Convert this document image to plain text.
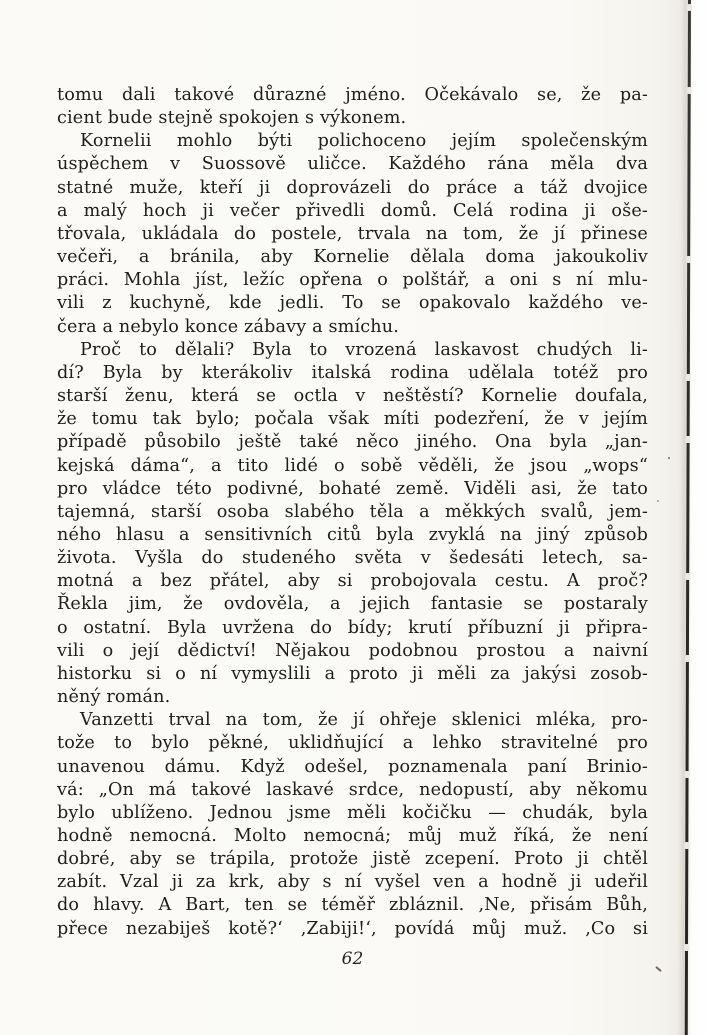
tomu dali takové důrazné jméno. Očekávalo se, že pa-
cient bude stejně spokojen s výkonem.
Kornelii mohlo býti polichoceno jejím společenským
úspěchem v Suossově uličce. Každého rána měla dva
statné muže, kteří ji doprovázeli do práce a táž dvojice
a malý hoch ji večer přivedli domů. Celá rodina ji oše-
třovala, ukládala do postele, trvala na tom, že jí přinese
večeři, a bránila, aby Kornelie dělala doma jakoukoliv
práci. Mohla jíst, ležíc opřena o polštář, a oni s ní mlu-
vili z kuchyně, kde jedli. To se opakovalo každého ve-
čera a nebylo konce zábavy a smíchu.
Proč to dělali? Byla to vrozená laskavost chudých li-
dí? Byla by kterákoliv italská rodina udělala totéž pro
starší ženu, která se octla v neštěstí? Kornelie doufala,
že tomu tak bylo; počala však míti podezření, že v jejím
případě působilo ještě také něco jiného. Ona byla „jan-
kejská dáma“, a tito lidé o sobě věděli, že jsou „wops“
pro vládce této podivné, bohaté země. Viděli asi, že tato
tajemná, starší osoba slabého těla a měkkých svalů, jem-
ného hlasu a sensitivních citů byla zvyklá na jiný způsob
života. Vyšla do studeného světa v šedesáti letech, sa-
motná a bez přátel, aby si probojovala cestu. A proč?
Řekla jim, že ovdověla, a jejich fantasie se postaraly
o ostatní. Byla uvržena do bídy; krutí příbuzní ji připra-
vili o její dědictví! Nějakou podobnou prostou a naivní
historku si o ní vymyslili a proto ji měli za jakýsi zosob-
něný román.
Vanzetti trval na tom, že jí ohřeje sklenici mléka, pro-
tože to bylo pěkné, uklidňující a lehko stravitelné pro
unavenou dámu. Když odešel, poznamenala paní Brinio-
vá: „On má takové laskavé srdce, nedopustí, aby někomu
bylo ublíženo. Jednou jsme měli kočičku — chudák, byla
hodně nemocná. Molto nemocná; můj muž říká, že není
dobré, aby se trápila, protože jistě zcepení. Proto ji chtěl
zabít. Vzal ji za krk, aby s ní vyšel ven a hodně ji udeřil
do hlavy. A Bart, ten se téměř zbláznil. ‚Ne, přisám Bůh,
přece nezabiješ kotě?‘ ‚Zabiji!‘, povídá můj muž. ‚Co si
62
